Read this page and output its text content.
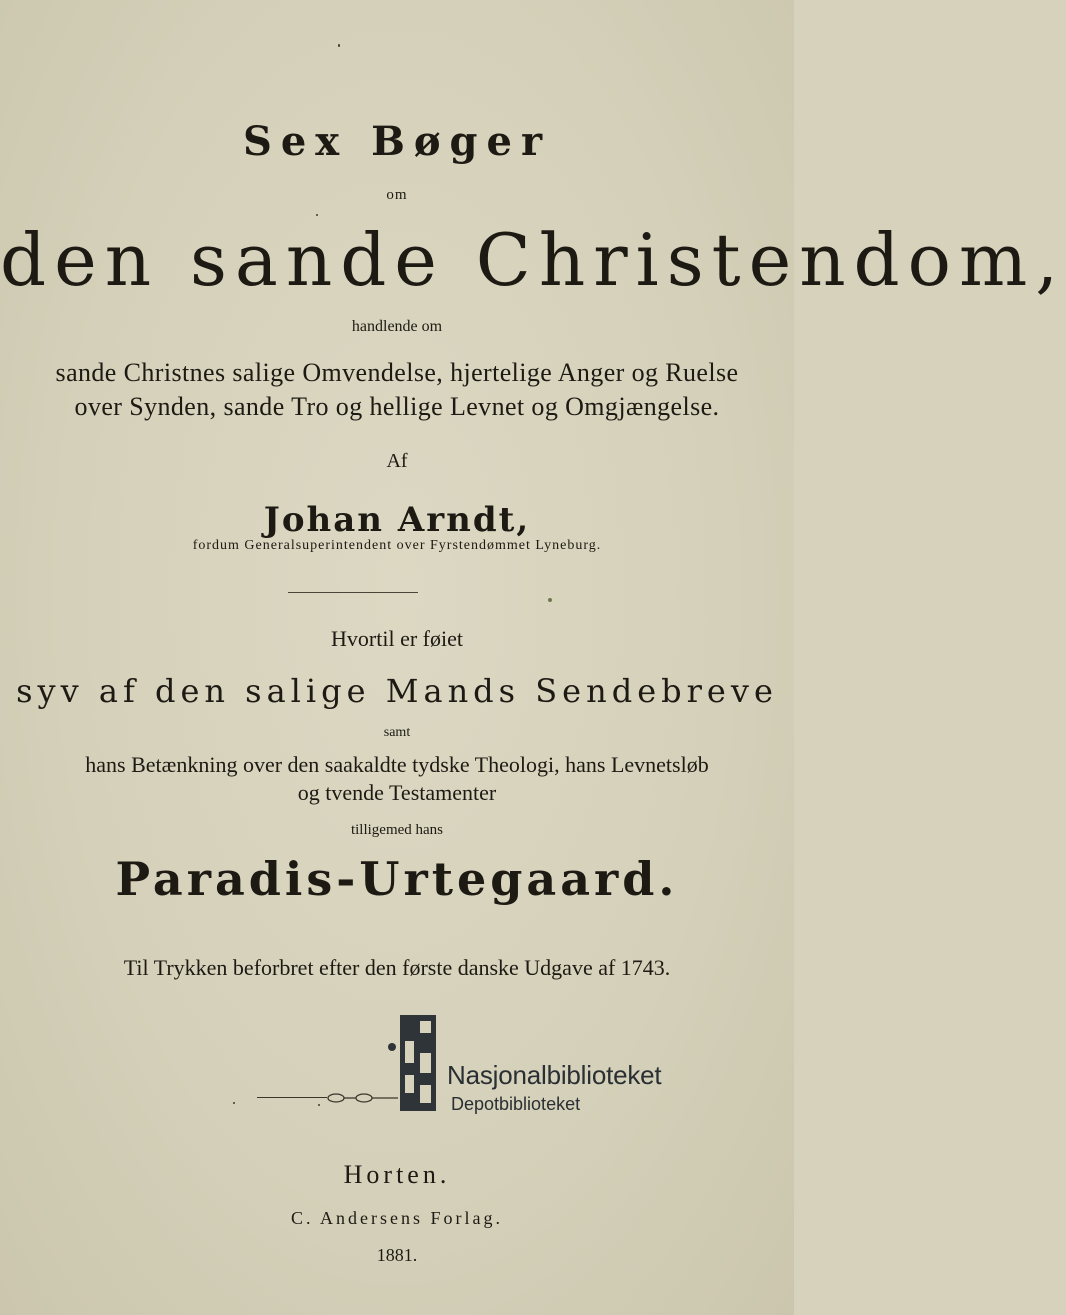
Sex Bøger
om
den sande Christendom,
handlende om
sande Christnes salige Omvendelse, hjertelige Anger og Ruelse
over Synden, sande Tro og hellige Levnet og Omgjængelse.
Af
Johan Arndt,
fordum Generalsuperintendent over Fyrstendømmet Lyneburg.
Hvortil er føiet
syv af den salige Mands Sendebreve
samt
hans Betænkning over den saakaldte tydske Theologi, hans Levnetsløb
og tvende Testamenter
tilligemed hans
Paradis-Urtegaard.
Til Trykken beforbret efter den første danske Udgave af 1743.
Nasjonalbiblioteket
Depotbiblioteket
Horten.
C. Andersens Forlag.
1881.
